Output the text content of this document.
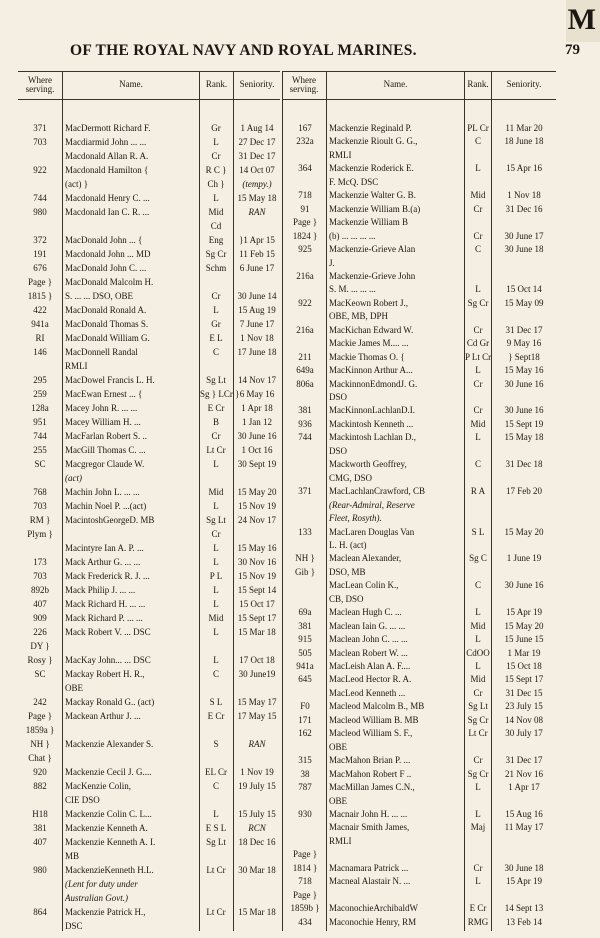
M
OF THE ROYAL NAVY AND ROYAL MARINES.	79
Where serving.	Name.	Rank.	Seniority.
371	MacDermott Richard F.	Gr	1 Aug 14
703	Macdiarmid John ... ...	L	27 Dec 17
Macdonald Allan R. A.	Cr	31 Dec 17
922	Macdonald Hamilton {	R C }	14 Oct 07
(act) }	Ch }	(tempy.)
744	Macdonald Henry C. ...	L	15 May 18
980	Macdonald Ian C. R. ...	Mid	RAN
Cd
372	MacDonald John ... {	Eng	}1 Apr 15
191	Macdonald John ... MD	Sg Cr	11 Feb 15
676	MacDonald John C. ...	Schm	6 June 17
Page }	MacDonald Malcolm H.
1815 }	S. ... ... DSO, OBE	Cr	30 June 14
422	MacDonald Ronald A.	L	15 Aug 19
941a	MacDonald Thomas S.	Gr	7 June 17
RI	MacDonald William G.	E L	1 Nov 18
146	MacDonnell Randal	C	17 June 18
RMLI
295	MacDowel Francis L. H.	Sg Lt	14 Nov 17
259	MacEwan Ernest ... {	Sg } LCr } 6 May 16
128a	Macey John R. ... ...	E Cr	1 Apr 18
951	Macey William H. ...	B	1 Jan 12
744	MacFarlan Robert S. ..	Cr	30 June 16
255	MacGill Thomas C. ...	Lt Cr	1 Oct 16
SC	Macgregor Claude W.	L	30 Sept 19
(act)
768	Machin John L. ... ...	Mid	15 May 20
703	Machin Noel P. ...(act)	L	15 Nov 19
RM }	MacintoshGeorgeD. MB	Sg Lt	24 Nov 17
Plym }	Cr
Macintyre Ian A. P. ...	L	15 May 16
173	Mack Arthur G. ... ...	L	30 Nov 16
703	Mack Frederick R. J. ...	P L	15 Nov 19
892b	Mack Philip J. ... ...	L	15 Sept 14
407	Mack Richard H. ... ...	L	15 Oct 17
909	Mack Richard P. ... ...	Mid	15 Sept 17
226	Mack Robert V. ... DSC	L	15 Mar 18
DY }
Rosy }	MacKay John... ... DSC	L	17 Oct 18
SC	Mackay Robert H. R.,	C	30 June19
OBE
242	Mackay Ronald G.. (act)	S L	15 May 17
Page }	Mackean Arthur J. ...	E Cr	17 May 15
1859a }
NH }	Mackenzie Alexander S.	S	RAN
Chat }
920	Mackenzie Cecil J. G....	EL Cr	1 Nov 19
882	MacKenzie Colin,	C	19 July 15
CIE DSO
H18	Mackenzie Colin C. L...	L	15 July 15
381	Mackenzie Kenneth A.	E S L	RCN
407	Mackenzie Kenneth A. I.	Sg Lt	18 Dec 16
MB
980	MackenzieKenneth H.L.	Lt Cr	30 Mar 18
(Lent for duty under
Australian Govt.)
864	Mackenzie Patrick H.,	Lt Cr	15 Mar 18
DSC
Where serving.	Name.	Rank.	Seniority.
167	Mackenzie Reginald P.	PL Cr	11 Mar 20
232a	Mackenzie Rioult G. G.,	C	18 June 18
RMLI
364	Mackenzie Roderick E.	L	15 Apr 16
F. McQ. DSC
718	Mackenzie Walter G. B.	Mid	1 Nov 18
91	Mackenzie William B.(a)	Cr	31 Dec 16
Page }	Mackenzie William B
1824 }	(b) ... ... ... ...	Cr	30 June 17
925	Mackenzie-Grieve Alan	C	30 June 18
J.
216a	Mackenzie-Grieve John
S. M. ... ... ...	L	15 Oct 14
922	MacKeown Robert J.,	Sg Cr	15 May 09
OBE, MB, DPH
216a	MacKichan Edward W.	Cr	31 Dec 17
Mackie James M.... ...	Cd Gr	9 May 16
211	Mackie Thomas O. {	P Lt Cr	} Sept18
649a	MacKinnon Arthur A...	L	15 May 16
806a	MackinnonEdmondJ. G.	Cr	30 June 16
DSO
381	MacKinnonLachlanD.I.	Cr	30 June 16
936	Mackintosh Kenneth ...	Mid	15 Sept 19
744	Mackintosh Lachlan D.,	L	15 May 18
DSO
Mackworth Geoffrey,	C	31 Dec 18
CMG, DSO
371	MacLachlanCrawford, CB	R A	17 Feb 20
(Rear-Admiral, Reserve
Fleet, Rosyth).
133	MacLaren Douglas Van	S L	15 May 20
L. H. (act)
NH }	Maclean Alexander,	Sg C	1 June 19
Gib }	DSO, MB
MacLean Colin K.,	C	30 June 16
CB, DSO
69a	Maclean Hugh C. ...	L	15 Apr 19
381	Maclean Iain G. ... ...	Mid	15 May 20
915	Maclean John C. ... ...	L	15 June 15
505	Maclean Robert W. ...	CdOO	1 Mar 19
941a	MacLeish Alan A. F....	L	15 Oct 18
645	MacLeod Hector R. A.	Mid	15 Sept 17
MacLeod Kenneth ...	Cr	31 Dec 15
F0	Macleod Malcolm B., MB	Sg Lt	23 July 15
171	Macleod William B. MB	Sg Cr	14 Nov 08
162	Macleod William S. F.,	Lt Cr	30 July 17
OBE
315	MacMahon Brian P. ...	Cr	31 Dec 17
38	MacMahon Robert F ..	Sg Cr	21 Nov 16
787	MacMillan James C.N.,	L	1 Apr 17
OBE
930	Macnair John H. ... ...	L	15 Aug 16
Macnair Smith James,	Maj	11 May 17
RMLI
Page }
1814 }	Macnamara Patrick ...	Cr	30 June 18
718	Macneal Alastair N. ...	L	15 Apr 19
Page }
1859b }	MaconochieArchibaldW	E Cr	14 Sept 13
434	Maconochie Henry, RM	RMG	13 Feb 14
